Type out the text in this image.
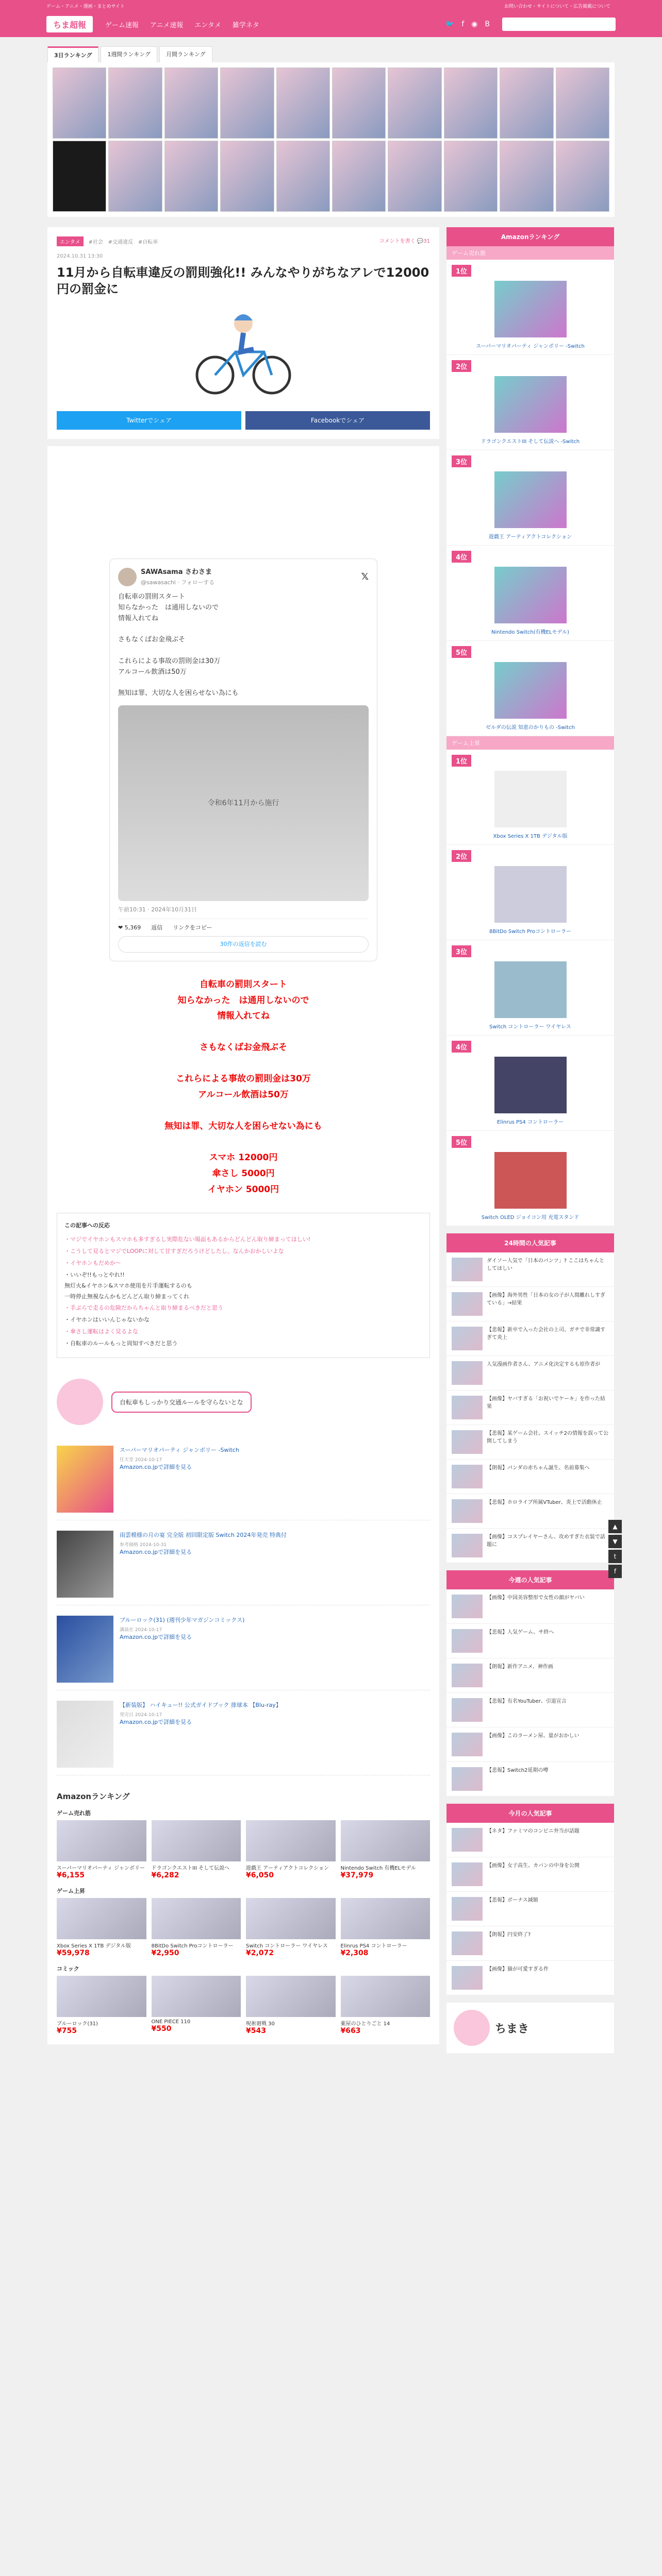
ゲーム・アニメ・漫画・まとめサイト	お問い合わせ・サイトについて・広告掲載について
ちま超報	ゲーム速報 アニメ速報 エンタメ 雑学ネタ	🐦 f ◉ B
3日ランキング	1週間ランキング	月間ランキング
エンタメ #社会 #交通違反 #自転車	コメントを書く 💬31
2024.10.31 13:30
11月から自転車違反の罰則強化!! みんなやりがちなアレで12000円の罰金に
Twitterでシェア	Facebookでシェア
SAWAsama さわさま
@sawasachi · フォローする
𝕏
自転車の罰則スタート
知らなかった　は通用しないので
情報入れてね

さもなくばお金飛ぶそ

これらによる事故の罰則金は30万
アルコール飲酒は50万

無知は罪、大切な人を困らせない為にも
令和6年11月から施行
午前10:31 · 2024年10月31日
❤ 5,369 返信 リンクをコピー
30件の返信を読む
自転車の罰則スタート
知らなかった　は通用しないので
情報入れてね

さもなくばお金飛ぶそ

これらによる事故の罰則金は30万
アルコール飲酒は50万

無知は罪、大切な人を困らせない為にも

スマホ 12000円
傘さし 5000円
イヤホン 5000円
この記事への反応

・マジでイヤホンもスマホも多すぎるし実際危ない場面もあるからどんどん取り締まってほしい!

・こうして見るとマジでLOOPに対して甘すぎだろうけどしたし、なんかおかしいよな

・イヤホンもだめか〜

・いいぞ!!もっとやれ!!
無灯火&イヤホン&スマホ使用を片手運転するのも
一時停止無視なんかもどんどん取り締まってくれ

・手ぶらで走るの危険だからちゃんと取り締まるべきだと思う

・イヤホンはいいんじゃないかな

・傘さし運転はよく見るよな

・自転車のルールもっと周知すべきだと思う

自転車もしっかり交通ルールを守らないとな
スーパーマリオパーティ ジャンボリー -Switch
任天堂 2024-10-17
Amazon.co.jpで詳細を見る
雨雲模様の月の宴 完全版 初回限定版 Switch 2024年発売 特典付
参考価格 2024-10-31
Amazon.co.jpで詳細を見る
ブルーロック(31) (週刊少年マガジンコミックス)
講談社 2024-10-17
Amazon.co.jpで詳細を見る
【新装版】 ハイキュー!! 公式ガイドブック 排球本 【Blu-ray】
発売日 2024-10-17
Amazon.co.jpで詳細を見る
Amazonランキング
ゲーム売れ筋
スーパーマリオパーティ ジャンボリー
¥6,155
ドラゴンクエストIII そして伝説へ
¥6,282
遊戯王 アーティアクトコレクション
¥6,050
Nintendo Switch 有機ELモデル
¥37,979
ゲーム上昇
Xbox Series X 1TB デジタル版
¥59,978
8BitDo Switch Proコントローラー
¥2,950
Switch コントローラー ワイヤレス
¥2,072
Elinrus PS4 コントローラー
¥2,308
コミック
ブルーロック(31)
¥755
ONE PIECE 110
¥550
呪術廻戦 30
¥543
薬屋のひとりごと 14
¥663
Amazonランキング
ゲーム売れ筋
1位
スーパーマリオパーティ ジャンボリー -Switch
2位
ドラゴンクエストIII そして伝説へ -Switch
3位
遊戯王 アーティアクトコレクション
4位
Nintendo Switch(有機ELモデル)
5位
ゼルダの伝説 知恵のかりもの -Switch
ゲーム上昇
1位
Xbox Series X 1TB デジタル版
2位
8BitDo Switch Proコントローラー
3位
Switch コントローラー ワイヤレス
4位
Elinrus PS4 コントローラー
5位
Switch OLED ジョイコン用 充電スタンド
24時間の人気記事
ダイソー人気で「日本のパンツ」? ここはちゃんとしてほしい
【画像】海外男性「日本の女の子が人間離れしすぎている」→結果
【悲報】新卒で入った会社の上司、ガチで非常識すぎて炎上
人気漫画作者さん、アニメ化決定するも原作者が
【画像】ヤバすぎる「お祝いでケーキ」を作った結果
【悲報】某ゲーム会社、スイッチ2の情報を誤って公開してしまう
【朗報】パンダの赤ちゃん誕生、名前募集へ
【悲報】ホロライブ所属VTuber、炎上で活動休止
【画像】コスプレイヤーさん、攻めすぎた衣装で話題に
今週の人気記事
【画像】中国美容整形で女性の顔がヤバい
【悲報】人気ゲーム、サ終へ
【朗報】新作アニメ、神作画
【悲報】有名YouTuber、引退宣言
【画像】このラーメン屋、量がおかしい
【悲報】Switch2延期の噂
今月の人気記事
【ネタ】ファミマのコンビニ弁当が話題
【画像】女子高生、カバンの中身を公開
【悲報】ボーナス減額
【朗報】円安終了?
【画像】猫が可愛すぎる件
ちまき
▲
▼
t
f
